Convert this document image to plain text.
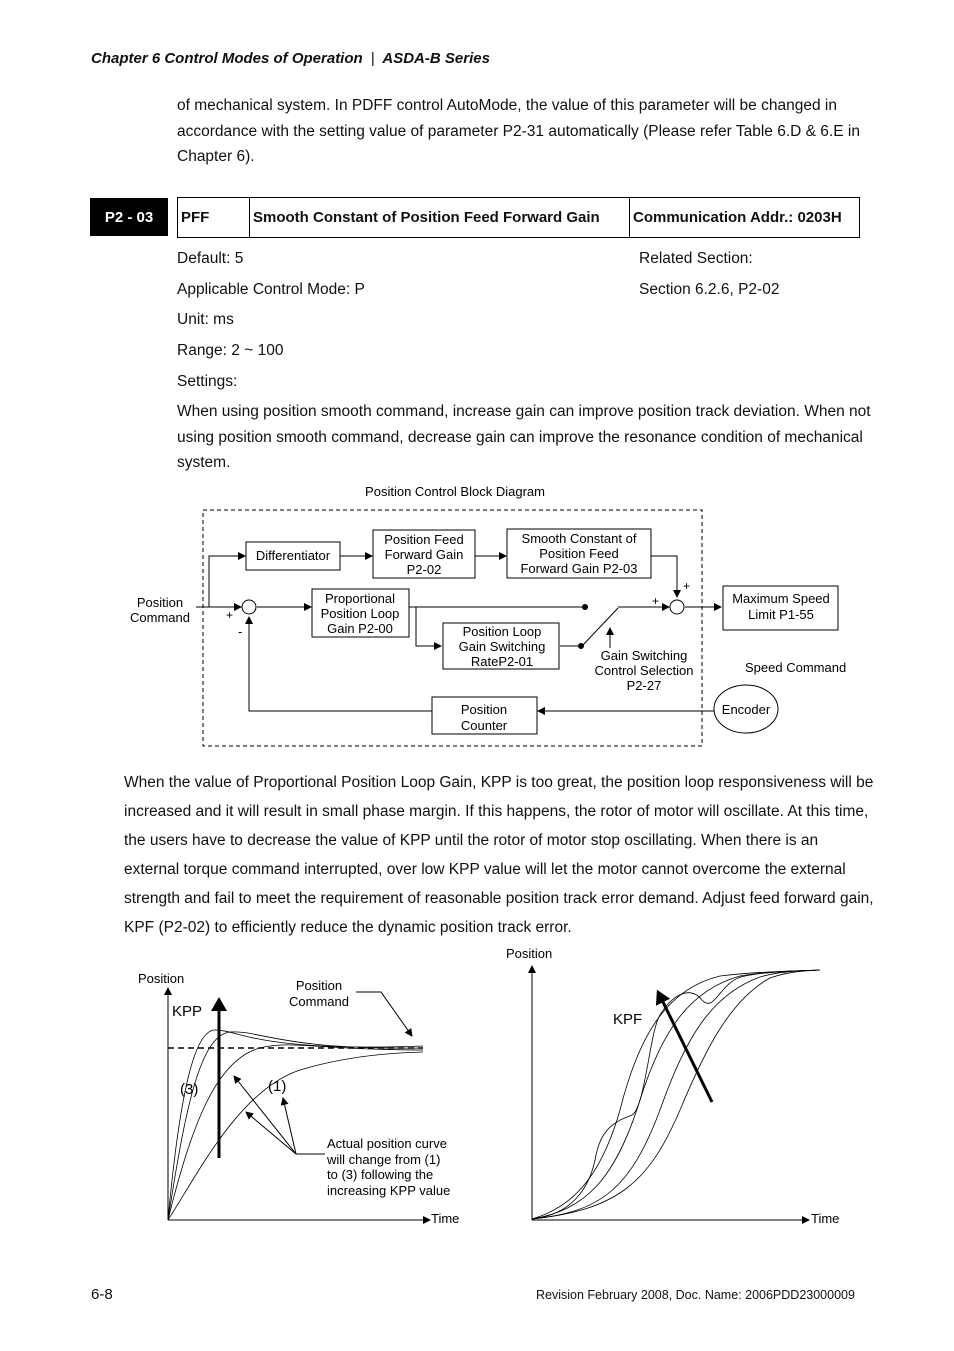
Chapter 6 Control Modes of Operation | ASDA-B Series
of mechanical system. In PDFF control AutoMode, the value of this parameter will be changed in accordance with the setting value of parameter P2-31 automatically (Please refer Table 6.D & 6.E in Chapter 6).
P2 - 03	PFF	Smooth Constant of Position Feed Forward Gain	Communication Addr.: 0203H
Default: 5
Applicable Control Mode: P
Unit: ms
Range: 2 ~ 100
Settings:
Related Section:
Section 6.2.6, P2-02
When using position smooth command, increase gain can improve position track deviation. When not using position smooth command, decrease gain can improve the resonance condition of mechanical system.
Position Control Block Diagram
Position
Command	+
-
+
+
Differentiator
Position Feed
Forward Gain
P2-02
Smooth Constant of
Position Feed
Forward Gain P2-03
Proportional
Position Loop
Gain P2-00	Position Loop
Gain Switching
RateP2-01	Gain Switching
Control Selection
P2-27
Maximum Speed
Limit P1-55
Speed Command
Encoder
Position
Counter
When the value of Proportional Position Loop Gain, KPP is too great, the position loop responsiveness will be increased and it will result in small phase margin. If this happens, the rotor of motor will oscillate. At this time, the users have to decrease the value of KPP until the rotor of motor stop oscillating. When there is an external torque command interrupted, over low KPP value will let the motor cannot overcome the external strength and fail to meet the requirement of reasonable position track error demand. Adjust feed forward gain, KPF (P2-02) to efficiently reduce the dynamic position track error.
Position
Time
KPP
(3)	(1)
Position
Command
Actual position curve
will change from (1)
to (3) following the
increasing KPP value
Position
Time
KPF
6-8	Revision February 2008, Doc. Name: 2006PDD23000009
